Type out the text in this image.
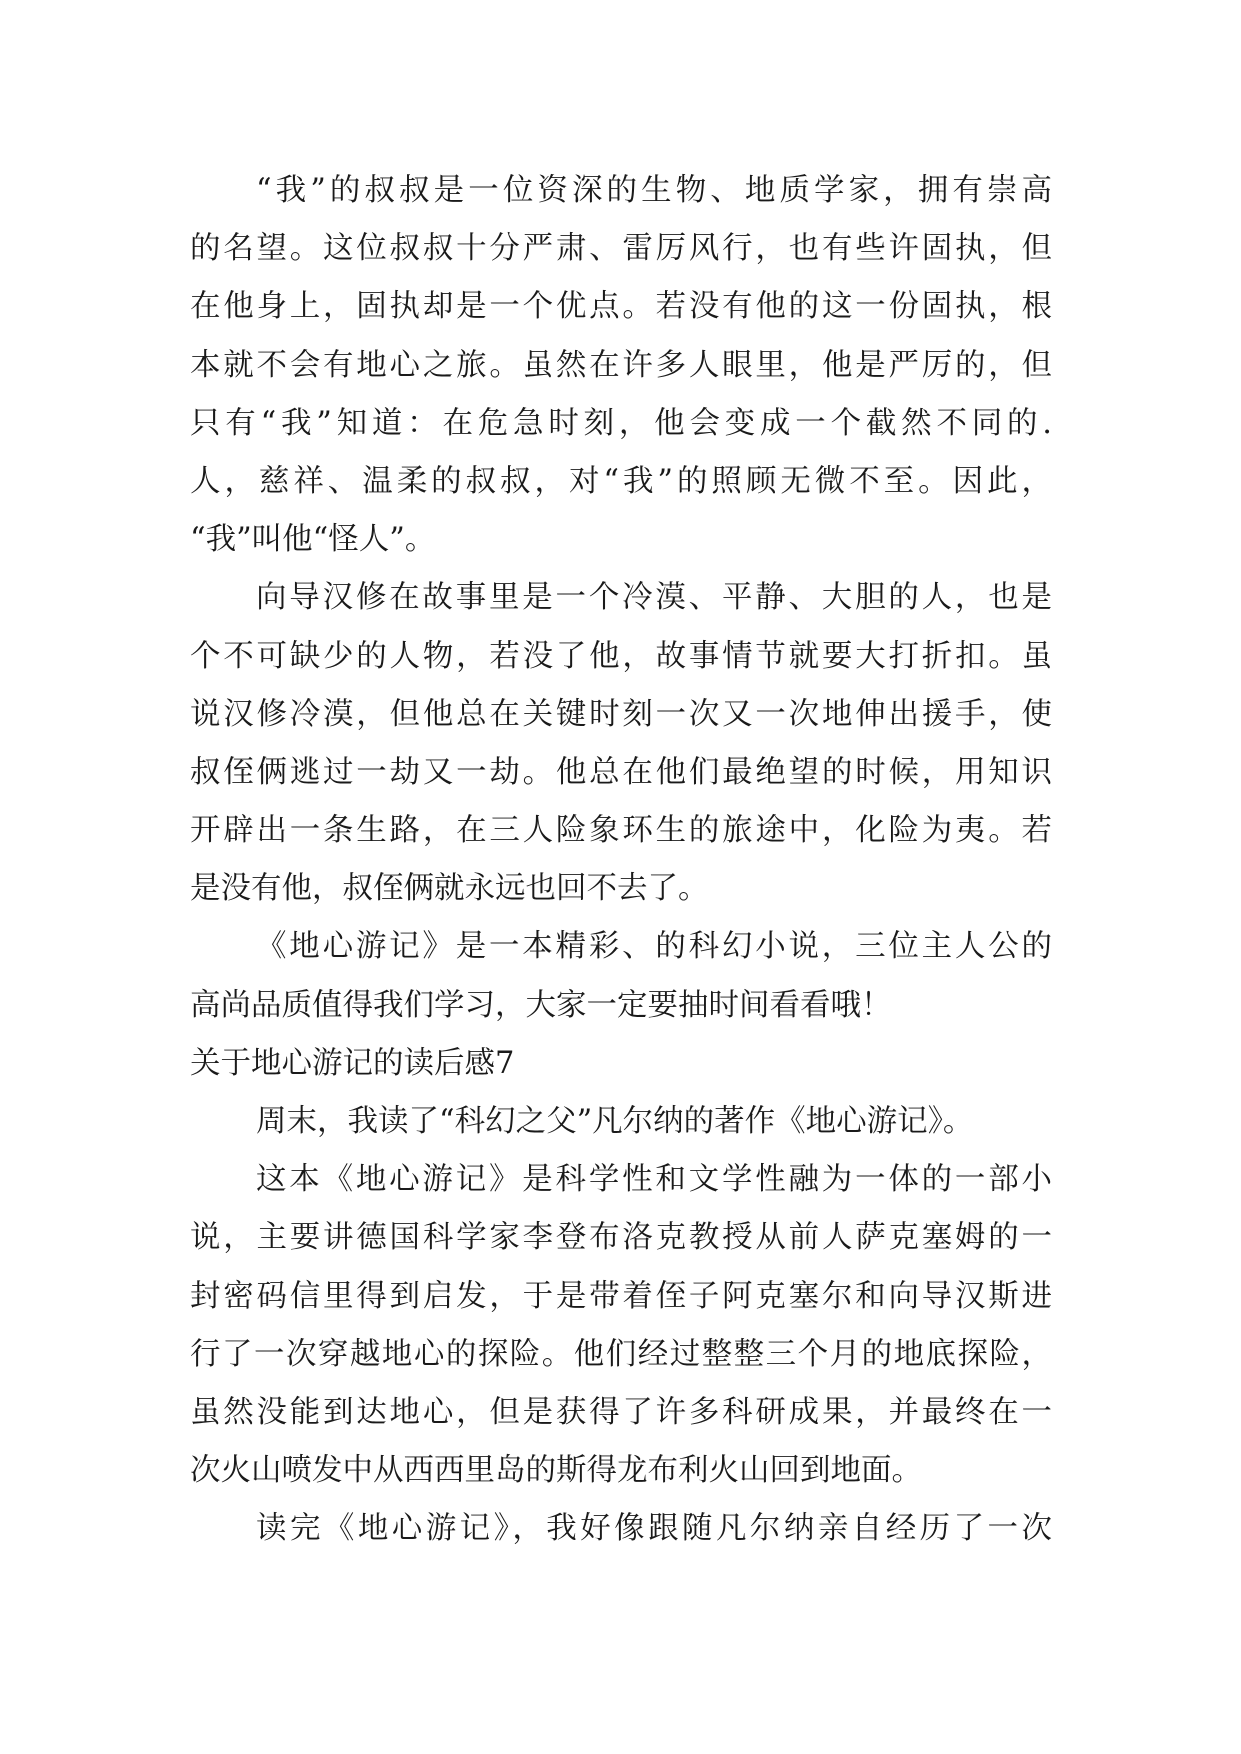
“我”的叔叔是一位资深的生物、地质学家，拥有崇高
的名望。这位叔叔十分严肃、雷厉风行，也有些许固执，但
在他身上，固执却是一个优点。若没有他的这一份固执，根
本就不会有地心之旅。虽然在许多人眼里，他是严厉的，但
只有“我”知道：在危急时刻，他会变成一个截然不同的.
人，慈祥、温柔的叔叔，对“我”的照顾无微不至。因此，
“我”叫他“怪人”。
向导汉修在故事里是一个冷漠、平静、大胆的人，也是
个不可缺少的人物，若没了他，故事情节就要大打折扣。虽
说汉修冷漠，但他总在关键时刻一次又一次地伸出援手，使
叔侄俩逃过一劫又一劫。他总在他们最绝望的时候，用知识
开辟出一条生路，在三人险象环生的旅途中，化险为夷。若
是没有他，叔侄俩就永远也回不去了。
《地心游记》是一本精彩、的科幻小说，三位主人公的
高尚品质值得我们学习，大家一定要抽时间看看哦！
关于地心游记的读后感7
周末，我读了“科幻之父”凡尔纳的著作《地心游记》。
这本《地心游记》是科学性和文学性融为一体的一部小
说，主要讲德国科学家李登布洛克教授从前人萨克塞姆的一
封密码信里得到启发，于是带着侄子阿克塞尔和向导汉斯进
行了一次穿越地心的探险。他们经过整整三个月的地底探险，
虽然没能到达地心，但是获得了许多科研成果，并最终在一
次火山喷发中从西西里岛的斯得龙布利火山回到地面。
读完《地心游记》，我好像跟随凡尔纳亲自经历了一次
